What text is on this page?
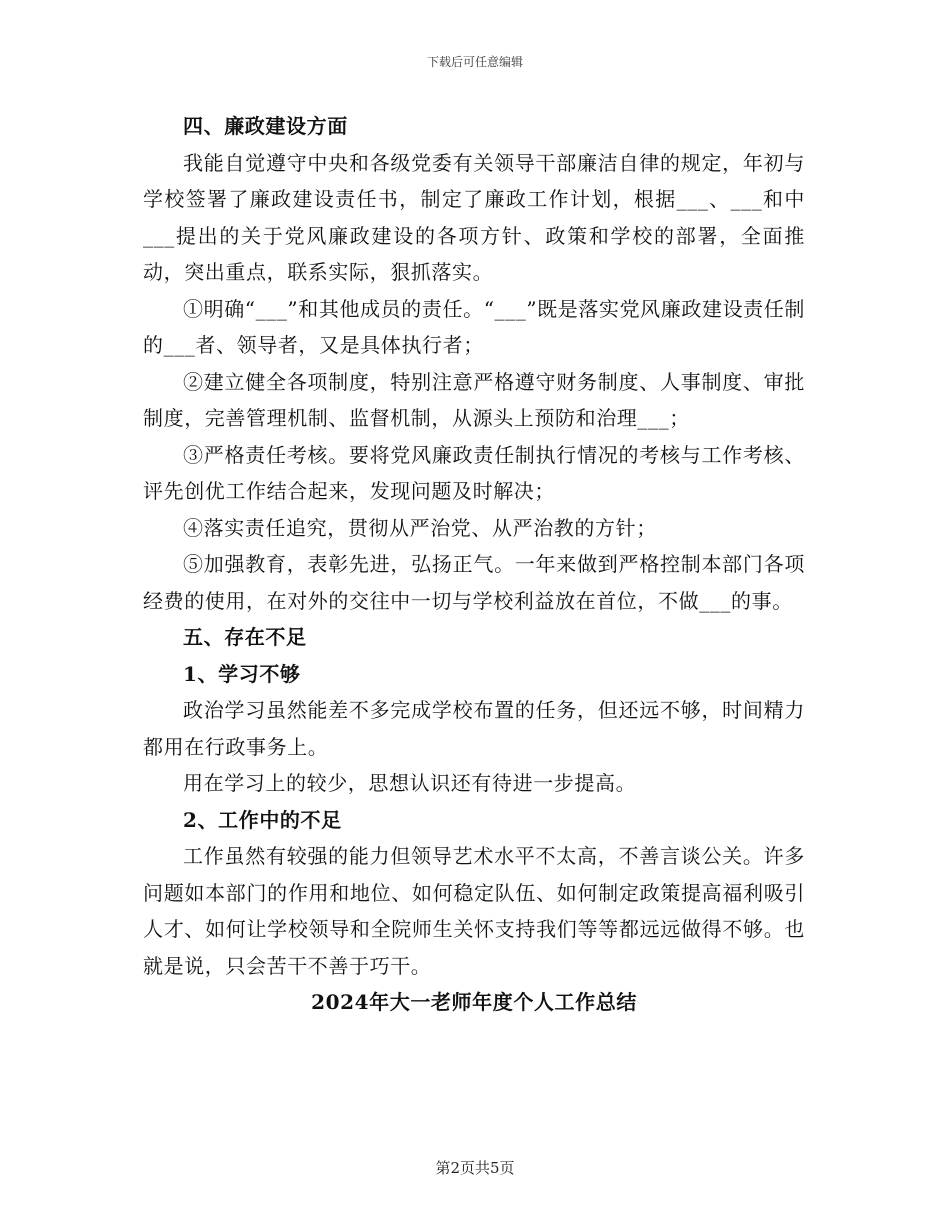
下载后可任意编辑

四、廉政建设方面

我能自觉遵守中央和各级党委有关领导干部廉洁自律的规定，年初与学校签署了廉政建设责任书，制定了廉政工作计划，根据___、___和中___提出的关于党风廉政建设的各项方针、政策和学校的部署，全面推动，突出重点，联系实际，狠抓落实。

①明确“___”和其他成员的责任。“___”既是落实党风廉政建设责任制的___者、领导者，又是具体执行者；

②建立健全各项制度，特别注意严格遵守财务制度、人事制度、审批制度，完善管理机制、监督机制，从源头上预防和治理___；

③严格责任考核。要将党风廉政责任制执行情况的考核与工作考核、评先创优工作结合起来，发现问题及时解决；

④落实责任追究，贯彻从严治党、从严治教的方针；

⑤加强教育，表彰先进，弘扬正气。一年来做到严格控制本部门各项经费的使用，在对外的交往中一切与学校利益放在首位，不做___的事。

五、存在不足

1、学习不够

政治学习虽然能差不多完成学校布置的任务，但还远不够，时间精力都用在行政事务上。

用在学习上的较少，思想认识还有待进一步提高。

2、工作中的不足

工作虽然有较强的能力但领导艺术水平不太高，不善言谈公关。许多问题如本部门的作用和地位、如何稳定队伍、如何制定政策提高福利吸引人才、如何让学校领导和全院师生关怀支持我们等等都远远做得不够。也就是说，只会苦干不善于巧干。

2024年大一老师年度个人工作总结

第2页共5页
